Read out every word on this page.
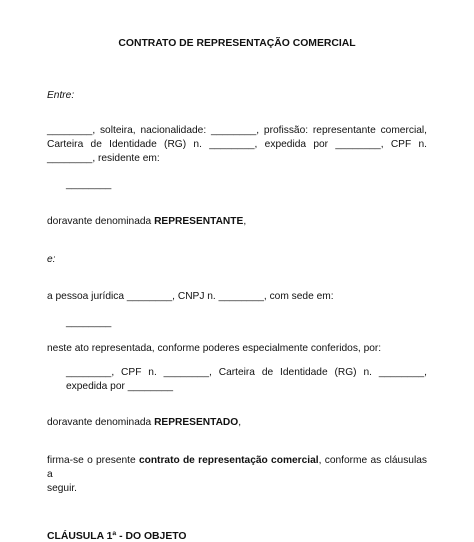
CONTRATO DE REPRESENTAÇÃO COMERCIAL
Entre:
________, solteira, nacionalidade: ________, profissão: representante comercial,
Carteira de Identidade (RG) n. ________, expedida por ________, CPF n.
________, residente em:
________
doravante denominada REPRESENTANTE,
e:
a pessoa jurídica ________, CNPJ n. ________, com sede em:
________
neste ato representada, conforme poderes especialmente conferidos, por:
________, CPF n. ________, Carteira de Identidade (RG) n. ________,
expedida por ________
doravante denominada REPRESENTADO,
firma-se o presente contrato de representação comercial, conforme as cláusulas a
seguir.
CLÁUSULA 1ª - DO OBJETO
